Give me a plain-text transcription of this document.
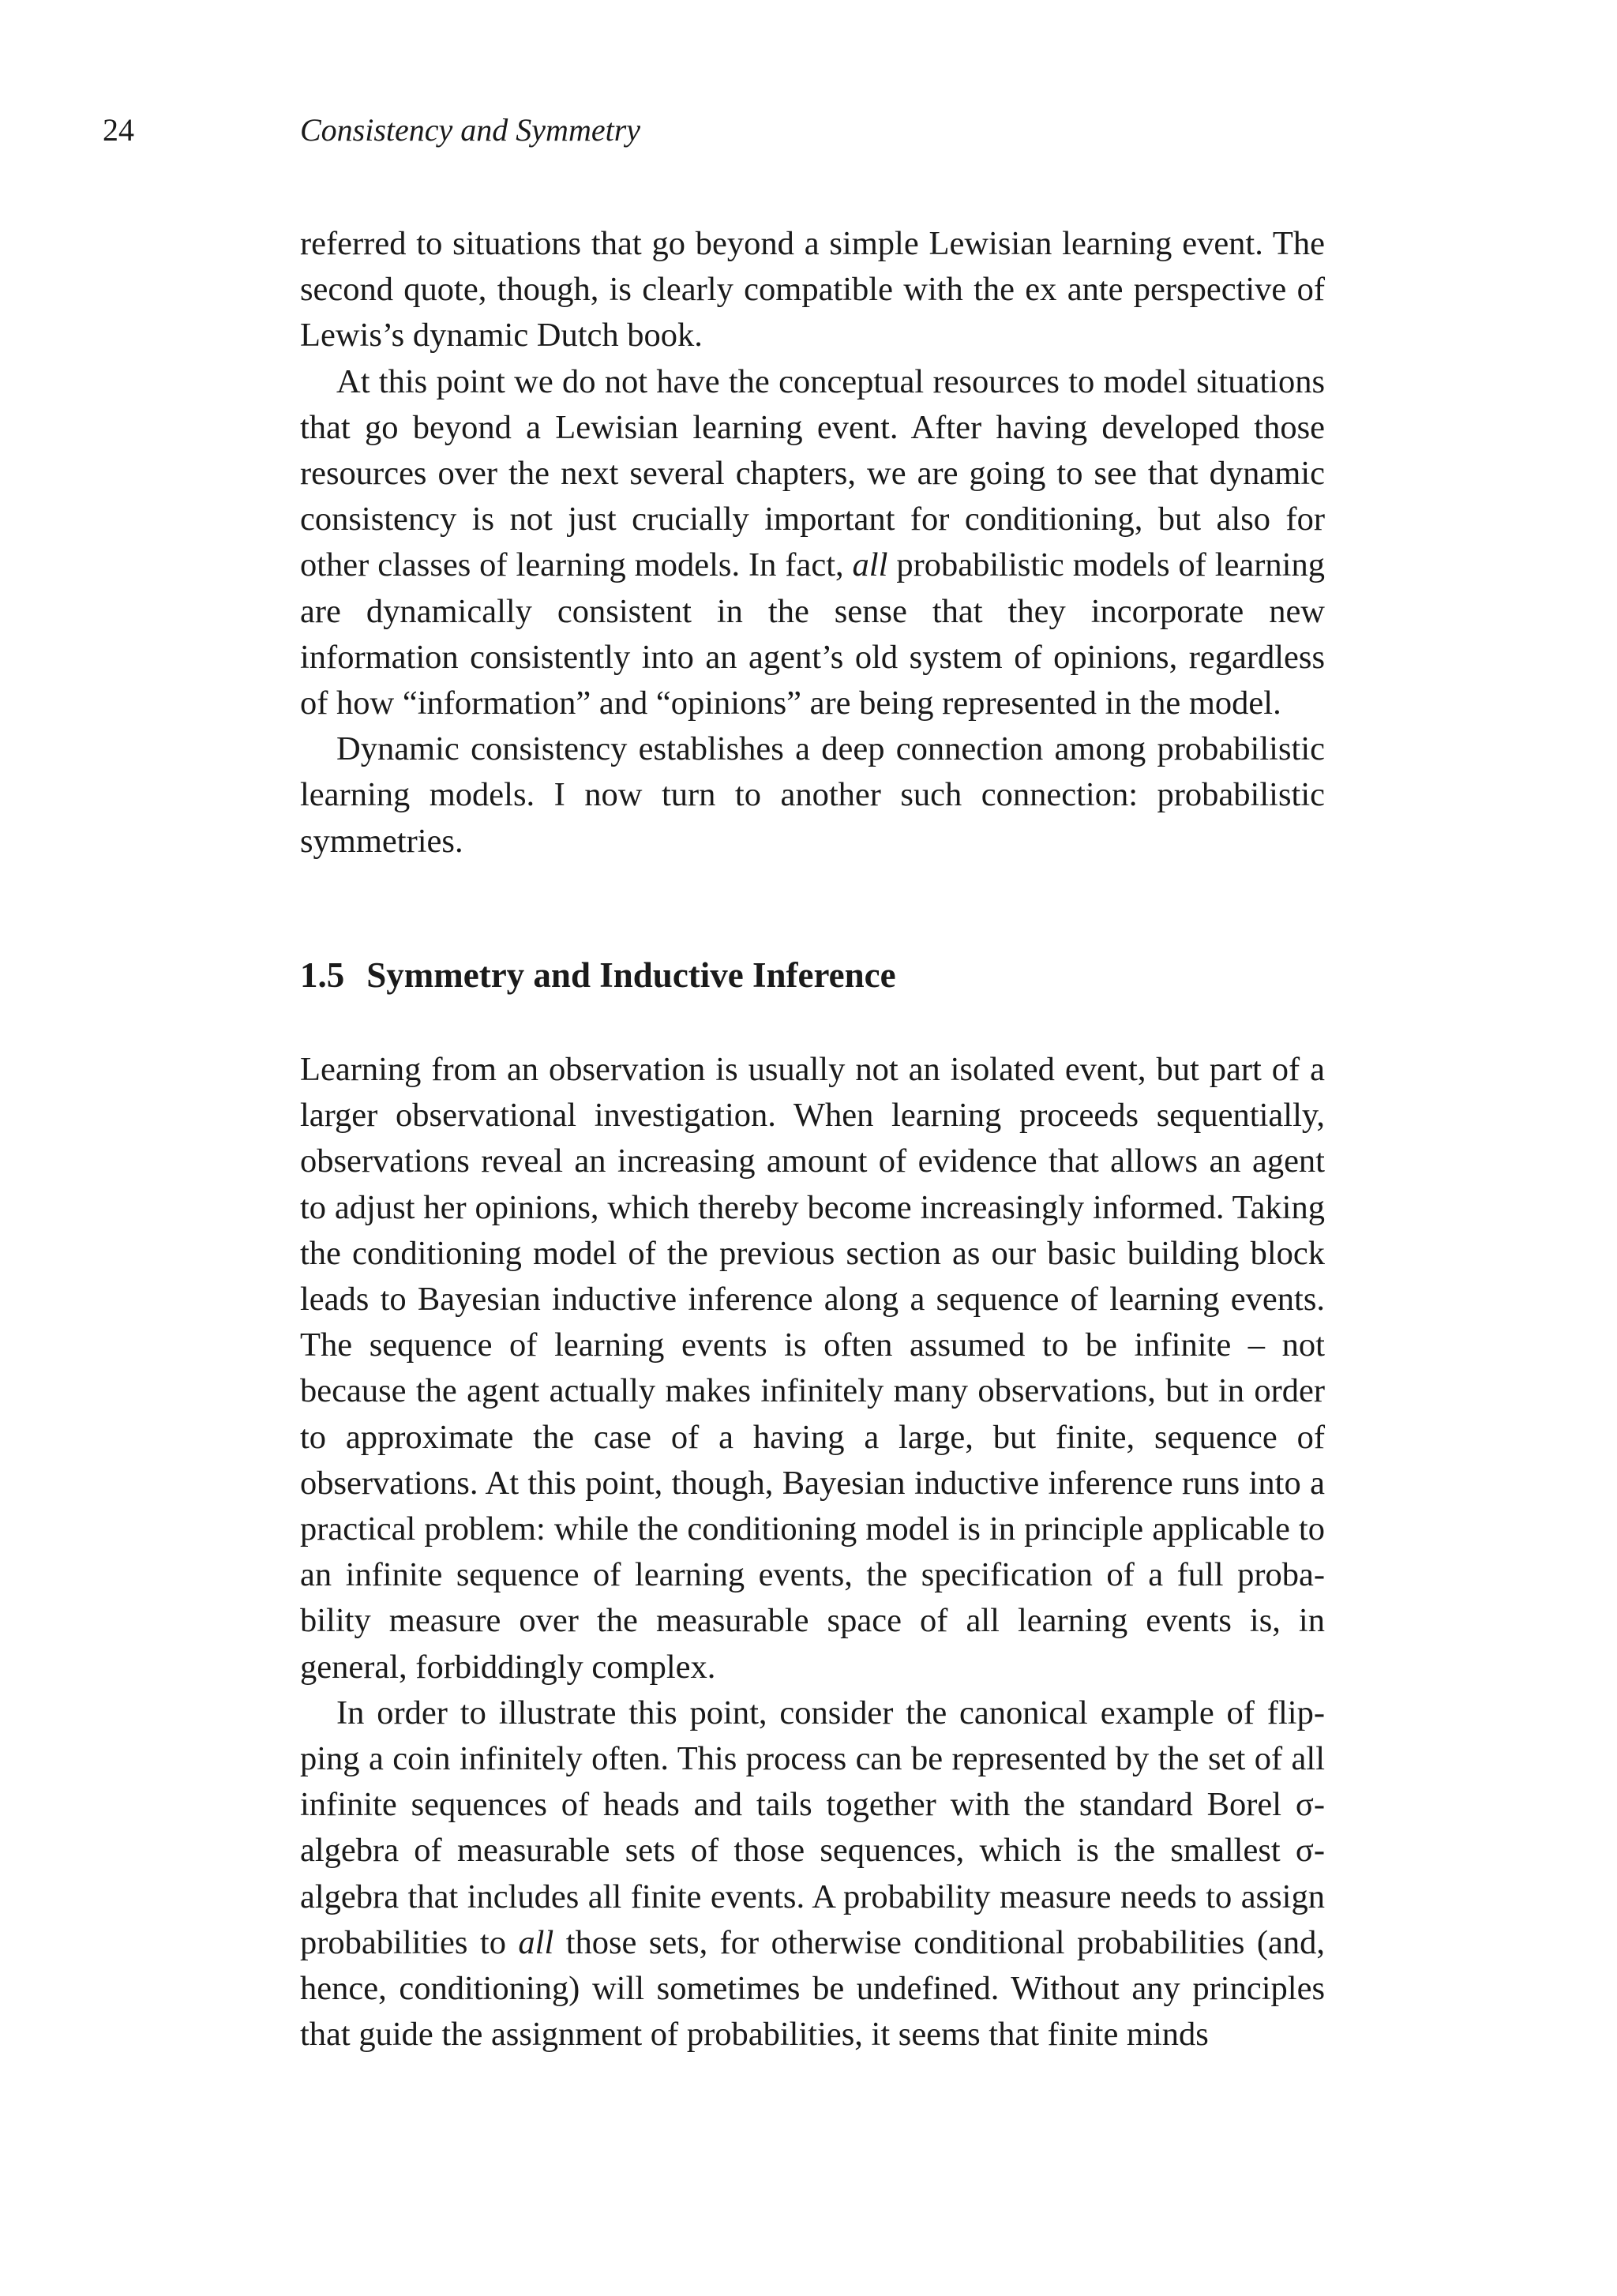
24	Consistency and Symmetry

referred to situations that go beyond a simple Lewisian learning event. The second quote, though, is clearly compatible with the ex ante perspective of Lewis’s dynamic Dutch book.

At this point we do not have the conceptual resources to model situations that go beyond a Lewisian learning event. After having developed those resources over the next several chapters, we are going to see that dynamic consistency is not just crucially important for conditioning, but also for other classes of learning models. In fact, all probabilistic models of learning are dynamically consistent in the sense that they incorporate new information consistently into an agent’s old system of opinions, regardless of how “information” and “opinions” are being represented in the model.

Dynamic consistency establishes a deep connection among probabilistic learning models. I now turn to another such connection: probabilistic symmetries.

1.5 Symmetry and Inductive Inference

Learning from an observation is usually not an isolated event, but part of a larger observational investigation. When learning proceeds sequentially, observations reveal an increasing amount of evidence that allows an agent to adjust her opinions, which thereby become increasingly informed. Taking the conditioning model of the previous section as our basic building block leads to Bayesian inductive inference along a sequence of learning events. The sequence of learning events is often assumed to be infinite – not because the agent actually makes infinitely many observations, but in order to approximate the case of a having a large, but finite, sequence of observations. At this point, though, Bayesian inductive inference runs into a practical problem: while the conditioning model is in principle applicable to an infinite sequence of learning events, the specification of a full probability measure over the measurable space of all learning events is, in general, forbiddingly complex.

In order to illustrate this point, consider the canonical example of flipping a coin infinitely often. This process can be represented by the set of all infinite sequences of heads and tails together with the standard Borel σ-algebra of measurable sets of those sequences, which is the smallest σ-algebra that includes all finite events. A probability measure needs to assign probabilities to all those sets, for otherwise conditional probabilities (and, hence, conditioning) will sometimes be undefined. Without any principles that guide the assignment of probabilities, it seems that finite minds
